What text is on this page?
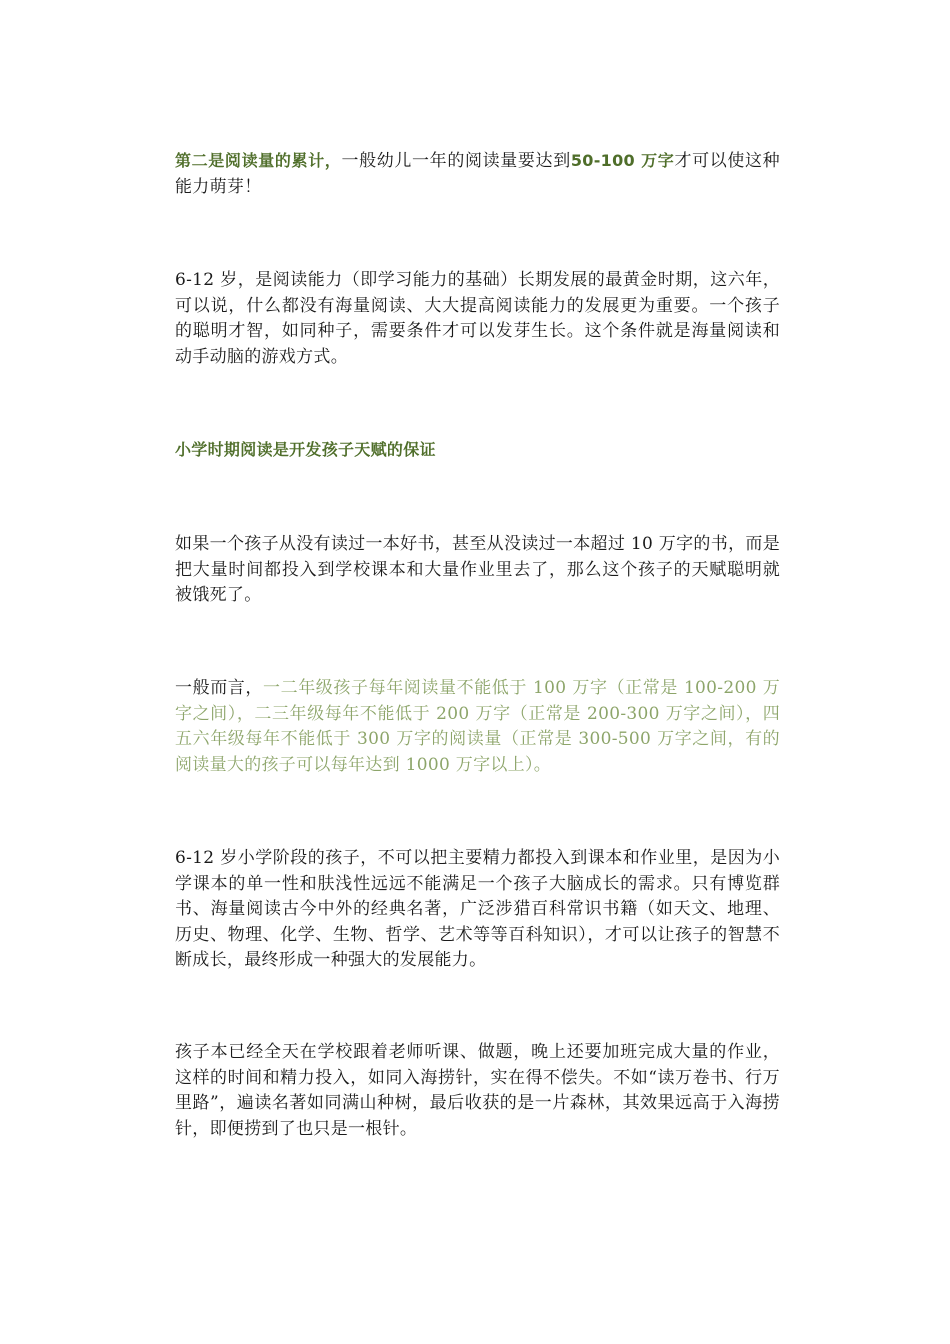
第二是阅读量的累计，一般幼儿一年的阅读量要达到50-100 万字才可以使这种能力萌芽！

6-12 岁，是阅读能力（即学习能力的基础）长期发展的最黄金时期，这六年，可以说，什么都没有海量阅读、大大提高阅读能力的发展更为重要。一个孩子的聪明才智，如同种子，需要条件才可以发芽生长。这个条件就是海量阅读和动手动脑的游戏方式。

小学时期阅读是开发孩子天赋的保证

如果一个孩子从没有读过一本好书，甚至从没读过一本超过 10 万字的书，而是把大量时间都投入到学校课本和大量作业里去了，那么这个孩子的天赋聪明就被饿死了。

一般而言，一二年级孩子每年阅读量不能低于 100 万字（正常是 100-200 万字之间），二三年级每年不能低于 200 万字（正常是 200-300 万字之间），四五六年级每年不能低于 300 万字的阅读量（正常是 300-500 万字之间，有的阅读量大的孩子可以每年达到 1000 万字以上）。

6-12 岁小学阶段的孩子，不可以把主要精力都投入到课本和作业里，是因为小学课本的单一性和肤浅性远远不能满足一个孩子大脑成长的需求。只有博览群书、海量阅读古今中外的经典名著，广泛涉猎百科常识书籍（如天文、地理、历史、物理、化学、生物、哲学、艺术等等百科知识），才可以让孩子的智慧不断成长，最终形成一种强大的发展能力。

孩子本已经全天在学校跟着老师听课、做题，晚上还要加班完成大量的作业，这样的时间和精力投入，如同入海捞针，实在得不偿失。不如“读万卷书、行万里路”，遍读名著如同满山种树，最后收获的是一片森林，其效果远高于入海捞针，即便捞到了也只是一根针。
